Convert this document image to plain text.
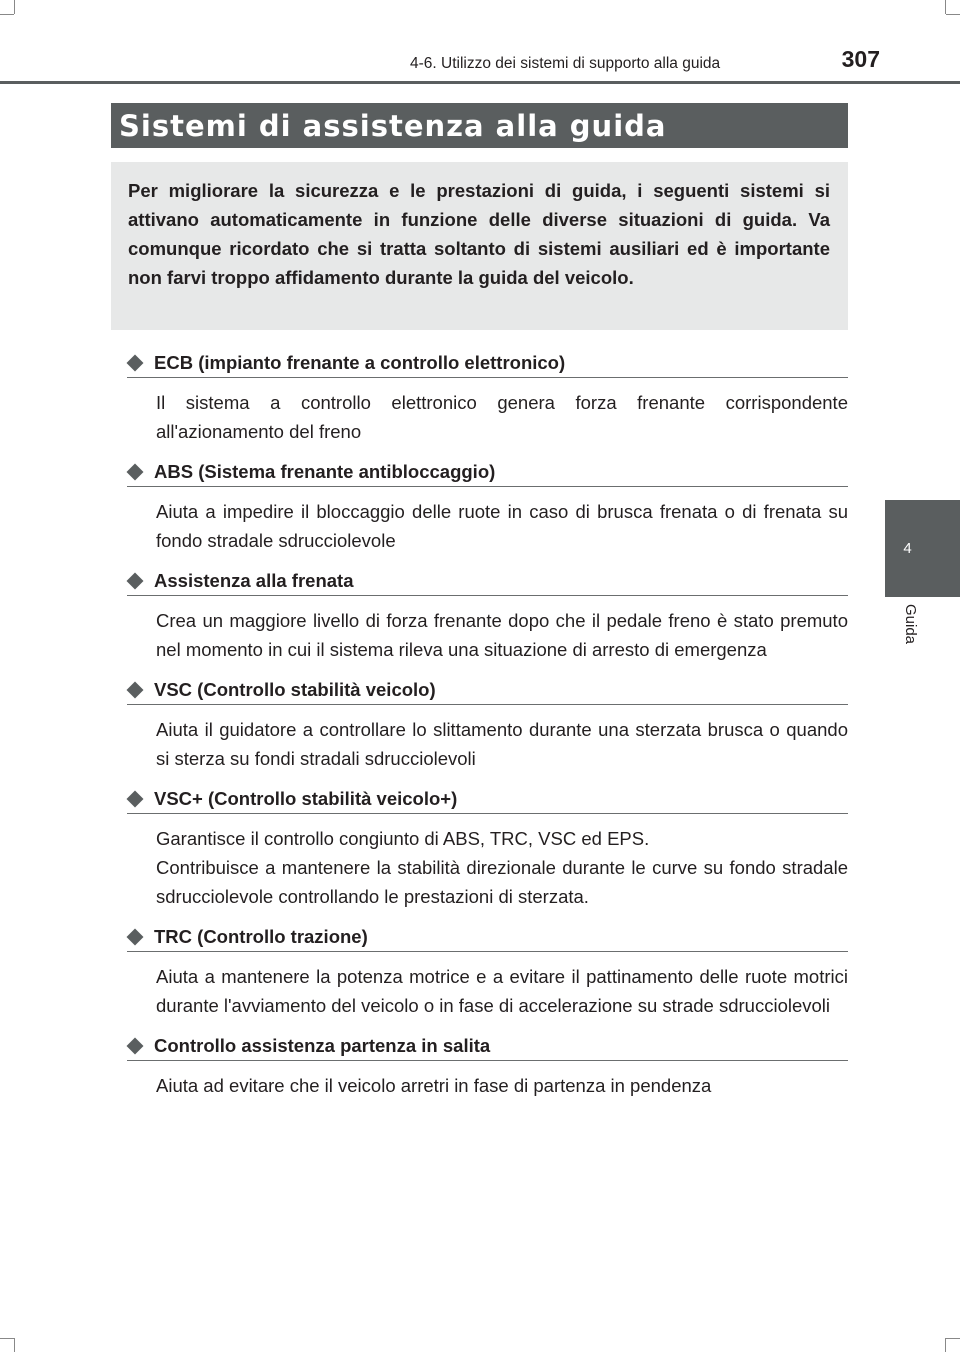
4-6. Utilizzo dei sistemi di supporto alla guida	307
Sistemi di assistenza alla guida
Per migliorare la sicurezza e le prestazioni di guida, i seguenti sistemi si attivano automaticamente in funzione delle diverse situazioni di guida. Va comunque ricordato che si tratta soltanto di sistemi ausiliari ed è importante non farvi troppo affidamento durante la guida del veicolo.
4
Guida
ECB (impianto frenante a controllo elettronico)

Il sistema a controllo elettronico genera forza frenante corrispondente all'azionamento del freno

ABS (Sistema frenante antibloccaggio)

Aiuta a impedire il bloccaggio delle ruote in caso di brusca frenata o di frenata su fondo stradale sdrucciolevole

Assistenza alla frenata

Crea un maggiore livello di forza frenante dopo che il pedale freno è stato premuto nel momento in cui il sistema rileva una situazione di arresto di emergenza

VSC (Controllo stabilità veicolo)

Aiuta il guidatore a controllare lo slittamento durante una sterzata brusca o quando si sterza su fondi stradali sdrucciolevoli

VSC+ (Controllo stabilità veicolo+)

Garantisce il controllo congiunto di ABS, TRC, VSC ed EPS.

Contribuisce a mantenere la stabilità direzionale durante le curve su fondo stradale sdrucciolevole controllando le prestazioni di sterzata.

TRC (Controllo trazione)

Aiuta a mantenere la potenza motrice e a evitare il pattinamento delle ruote motrici durante l'avviamento del veicolo o in fase di accelerazione su strade sdrucciolevoli

Controllo assistenza partenza in salita

Aiuta ad evitare che il veicolo arretri in fase di partenza in pendenza
